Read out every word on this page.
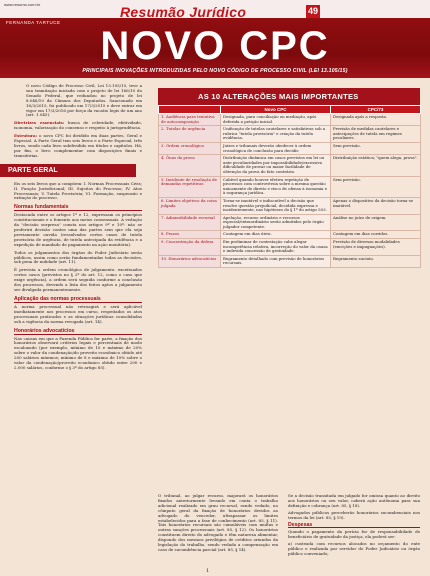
www.resumo.com.br	Resumão Jurídico	49
FERNANDA TARTUCE
NOVO CPC
PRINCIPAIS INOVAÇÕES INTRODUZIDAS PELO NOVO CÓDIGO DE PROCESSO CIVIL (LEI 13.105/15)

O novo Código de Processo Civil, Lei 13.105/15, teve a sua tramitação iniciada com o projeto de lei 166/10 do Senado Federal, que redundou no projeto de lei 8.046/10 da Câmara dos Deputados. Sancionado em 16/3/2015, foi publicado em 17/3/2015 e deve entrar em vigor em 17/3/2016 por força da vacatio legis de um ano (art. 1.045).

Diretrizes essenciais: busca de celeridade, efetividade, isonomia, valorização do consenso e respeito à jurisprudência.

Estrutura: o novo CPC foi dividido em duas partes, Geral e Especial. A Parte Geral tem seis livros e a Parte Especial, três livros, sendo cada livro subdividido em títulos e capítulos. Há, por fim, o livro complementar com disposições finais e transitórias.

PARTE GERAL

Eis os seis livros que a compõem: I. Normas Processuais Civis; II. Função Jurisdicional; III. Sujeitos do Processo; IV. Atos Processuais; V. Tutela Provisória; VI. Formação, suspensão e extinção do processo.

Normas fundamentais

Destacada entre os artigos 1º e 12, expressam os princípios constitucionais e o fomento aos meios consensuais. A vedação da "decisão surpresa" consta nos artigos 9º e 10º: não se proferirá decisão contra uma das partes sem que ela seja previamente ouvida (ressalvados certos casos de tutela provisória de urgência, de tutela antecipada da evidência e a expedição de mandado de pagamento na ação monitória).

Todos os julgamentos dos órgãos do Poder Judiciário serão públicos, assim como serão fundamentadas todas as decisões, sob pena de nulidade (art. 11).

É prevista a ordem cronológica de julgamento: exceituados certos casos (previstos no § 2º do art. 12, como o caso que exige urgência), a ordem será seguida conforme a conclusão dos processos, devendo a lista dos feitos aptos a julgamento ser divulgada permanentemente.

Aplicação das normas processuais

A norma processual não retroagirá e será aplicável imediatamente aos processos em curso, respeitados os atos processuais praticados e as situações jurídicas consolidadas sob a vigência da norma revogada (art. 14).

Honorários advocatícios

Nas causas em que a Fazenda Pública for parte, a fixação dos honorários observará critérios legais e percentuais de modo escalonado (por exemplo, mínimo de 10 e máximo de 20% sobre o valor da condenação/do proveito econômico obtido até 200 salários mínimos; mínimo de 8 e máximo de 10% sobre o valor da condenação/proveito econômico obtido entre 200 e 2.000 salários, conforme o § 3º do artigo 85).

AS 10 ALTERAÇÕES MAIS IMPORTANTES
	Novo CPC	CPC/73
1. Audiência para tentativa de autocomposição	Designada, para conciliação ou mediação, após deferida a petição inicial.	Designada após a resposta.
2. Tutelas de urgência	Unificação de tutelas cautelares e satisfativas sob a rubrica "tutela provisória" e criação da tutela evidência.	Previsão de medidas cautelares e antecipações de tutela em regimes peculiares.
3. Ordem cronológica	Juízes e tribunais deverão obedecer à ordem cronológica de conclusão para decidir.	Sem previsão.
4. Ônus da prova	Distribuição dinâmica em casos previstos em lei ou ante peculiaridades por impossibilidade/excessiva dificuldade de provar ou maior facilidade de obtenção da prova do fato contrário.	Distribuição estática; "quem alega, prova".
5. Incidente de resolução de demandas repetitivas	Cabível quando houver efetiva repetição de processos com controvérsia sobre a mesma questão unicamente de direito e risco de ofensa à isonomia e à segurança jurídica.	Sem previsão.
6. Limites objetivos da coisa julgada	Torna-se imutável e indiscutível a decisão que resolve questão prejudicial, decidida expressa e incidentemente, nas hipóteses do § 1º do artigo 503.	Apenas o dispositivo da decisão torna-se imutável.
7. Admissibilidade recursal	Apelação, recurso ordinário e recursos especial/extraordinário serão admitidos pelo órgão julgador competente.	Análise no juízo de origem.
8. Prazos	Contagem em dias úteis.	Contagem em dias corridos.
9. Concentração da defesa	Em preliminar de contestação cabe alegar incompetência relativa, incorreção do valor da causa e indevida concessão de gratuidade.	Previsão de diversas modalidades (exceções e impugnações).
10. Honorários advocatícios	Regramento detalhado com previsão de honorários recursais.	Regramento sucinto.

O tribunal, ao julgar recurso, majorará os honorários fixados anteriormente levando em conta o trabalho adicional realizado em grau recursal, sendo vedado, no cômputo geral da fixação de honorários devidos ao advogado do vencedor, ultrapassar os limites estabelecidos para a fase de conhecimento (art. 85, § 11). Tais honorários recursais são cumuláveis com multas e outras sanções processuais (art. 85, § 12). Os honorários constituem direito do advogado e têm natureza alimentar, dispondo dos mesmos privilégios de créditos oriundos da legislação do trabalho, sendo vedada a compensação em caso de sucumbência parcial (art. 85, § 14).

Se a decisão transitada em julgado for omissa quanto ao direito aos honorários ou seu valor, caberá ação autônoma para sua definição e cobrança (art. 85, § 18).

Advogados públicos perceberão honorários sucumbenciais nos termos da lei (art. 85, § 19).

Despesas

Quando o pagamento da perícia for de responsabilidade de beneficiário de gratuidade da justiça, ela poderá ser:

a) custeada com recursos alocados no orçamento do ente público e realizada por servidor do Poder Judiciário ou órgão público conveniado;

1
